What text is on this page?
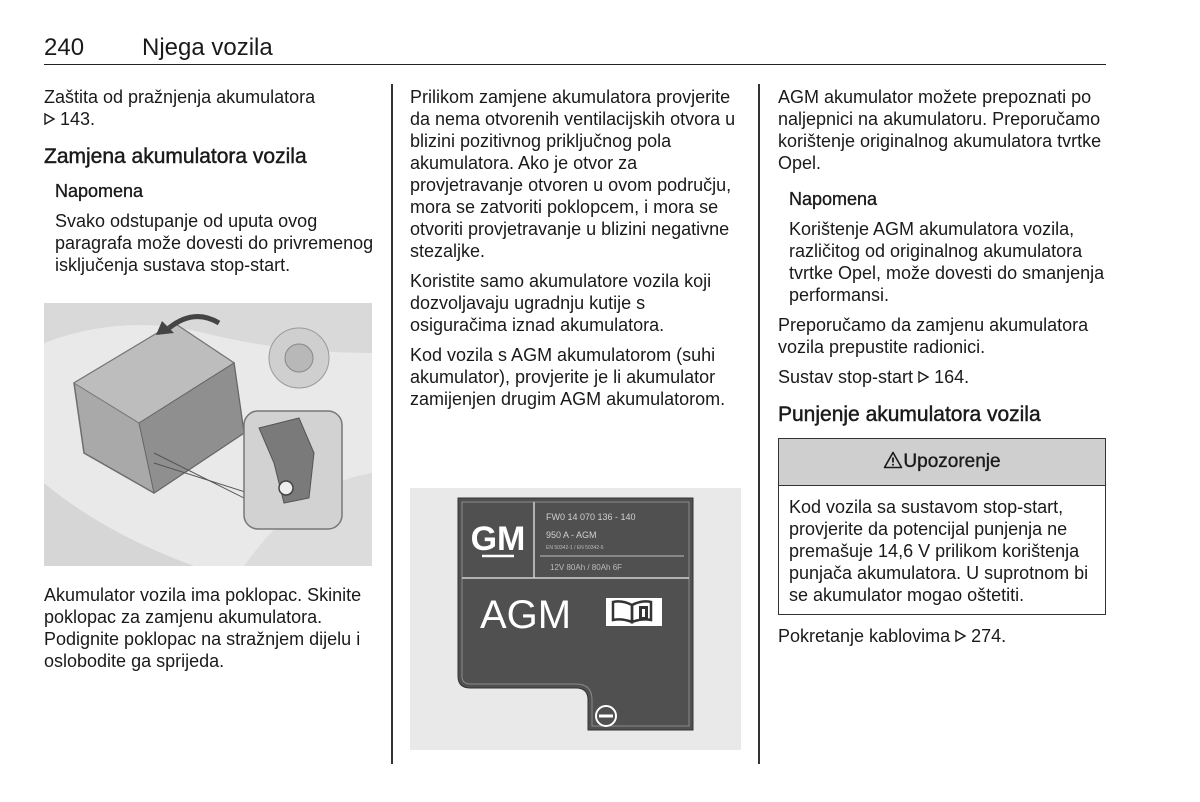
240 Njega vozila

Zaštita od pražnjenja akumulatora
143.

Zamjena akumulatora vozila

Napomena

Svako odstupanje od uputa ovog paragrafa može dovesti do privremenog isključenja sustava stop-start.

Akumulator vozila ima poklopac. Skinite poklopac za zamjenu akumulatora. Podignite poklopac na stražnjem dijelu i oslobodite ga sprijeda.

Prilikom zamjene akumulatora provjerite da nema otvorenih ventilacijskih otvora u blizini pozitivnog priključnog pola akumulatora. Ako je otvor za provjetravanje otvoren u ovom području, mora se zatvoriti poklopcem, i mora se otvoriti provjetravanje u blizini negativne stezaljke.

Koristite samo akumulatore vozila koji dozvoljavaju ugradnju kutije s osiguračima iznad akumulatora.

Kod vozila s AGM akumulatorom (suhi akumulator), provjerite je li akumulator zamijenjen drugim AGM akumulatorom.

GM
FW0 14 070 136 - 140
950 A - AGM
EN 50342-1 / EN 50342-6
12V 80Ah / 80Ah 6F
AGM

AGM akumulator možete prepoznati po naljepnici na akumulatoru. Preporučamo korištenje originalnog akumulatora tvrtke Opel.

Napomena

Korištenje AGM akumulatora vozila, različitog od originalnog akumulatora tvrtke Opel, može dovesti do smanjenja performansi.

Preporučamo da zamjenu akumulatora vozila prepustite radionici.

Sustav stop-start 164.

Punjenje akumulatora vozila
Upozorenje
Kod vozila sa sustavom stop-start, provjerite da potencijal punjenja ne premašuje 14,6 V prilikom korištenja punjača akumulatora. U suprotnom bi se akumulator mogao oštetiti.

Pokretanje kablovima 274.
